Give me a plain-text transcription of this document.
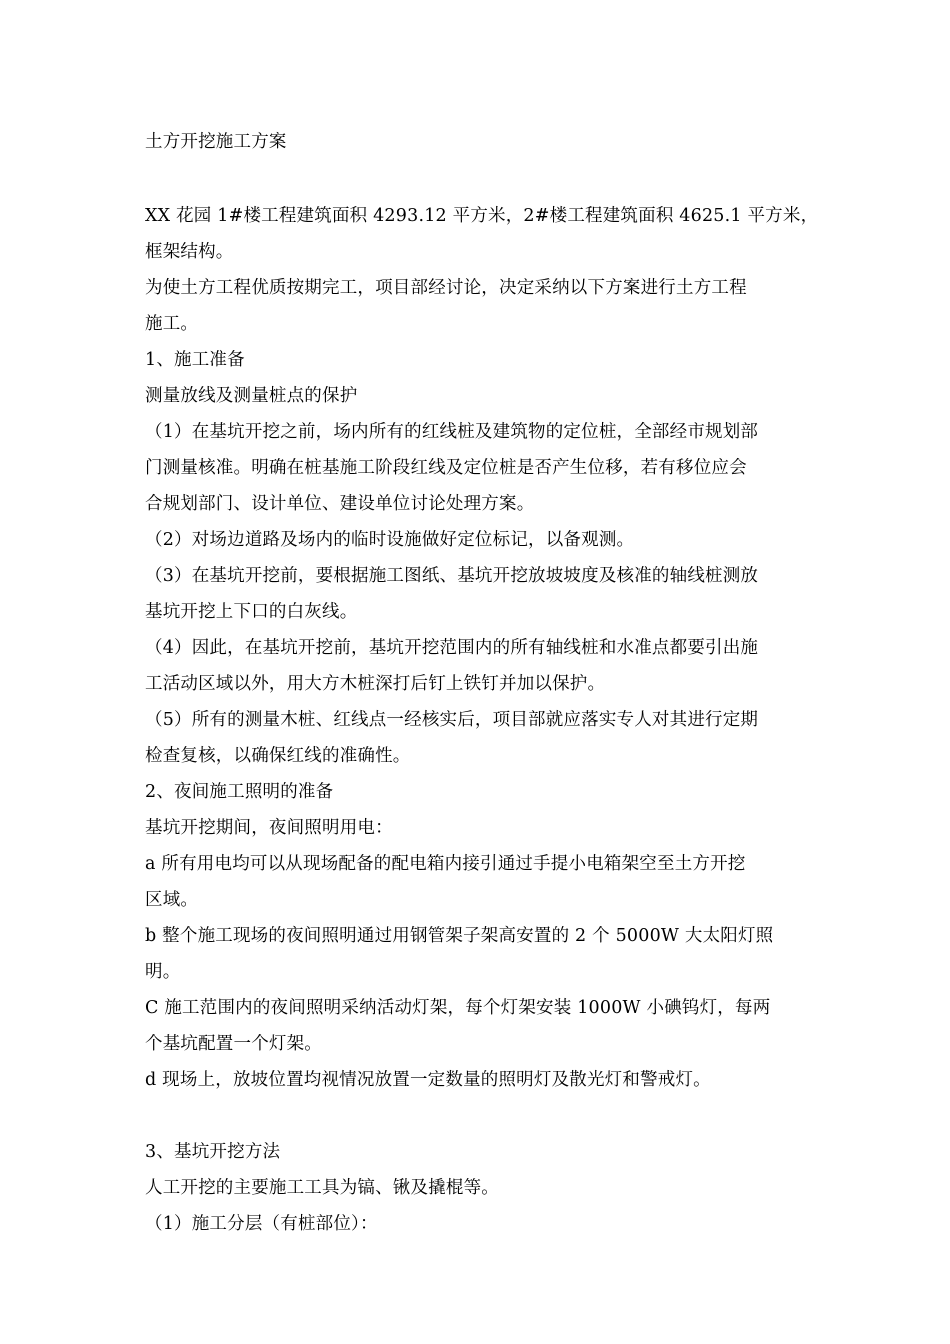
土方开挖施工方案
XX 花园 1#楼工程建筑面积 4293.12 平方米，2#楼工程建筑面积 4625.1 平方米，
框架结构。
为使土方工程优质按期完工，项目部经讨论，决定采纳以下方案进行土方工程
施工。
1、施工准备
测量放线及测量桩点的保护
（1）在基坑开挖之前，场内所有的红线桩及建筑物的定位桩，全部经市规划部
门测量核准。明确在桩基施工阶段红线及定位桩是否产生位移，若有移位应会
合规划部门、设计单位、建设单位讨论处理方案。
（2）对场边道路及场内的临时设施做好定位标记，以备观测。
（3）在基坑开挖前，要根据施工图纸、基坑开挖放坡坡度及核准的轴线桩测放
基坑开挖上下口的白灰线。
（4）因此，在基坑开挖前，基坑开挖范围内的所有轴线桩和水准点都要引出施
工活动区域以外，用大方木桩深打后钉上铁钉并加以保护。
（5）所有的测量木桩、红线点一经核实后，项目部就应落实专人对其进行定期
检查复核，以确保红线的准确性。
2、夜间施工照明的准备
基坑开挖期间，夜间照明用电：
a 所有用电均可以从现场配备的配电箱内接引通过手提小电箱架空至土方开挖
区域。
b 整个施工现场的夜间照明通过用钢管架子架高安置的 2 个 5000W 大太阳灯照
明。
C 施工范围内的夜间照明采纳活动灯架，每个灯架安装 1000W 小碘钨灯，每两
个基坑配置一个灯架。
d 现场上，放坡位置均视情况放置一定数量的照明灯及散光灯和警戒灯。
3、基坑开挖方法
人工开挖的主要施工工具为镐、锹及撬棍等。
（1）施工分层（有桩部位）：
